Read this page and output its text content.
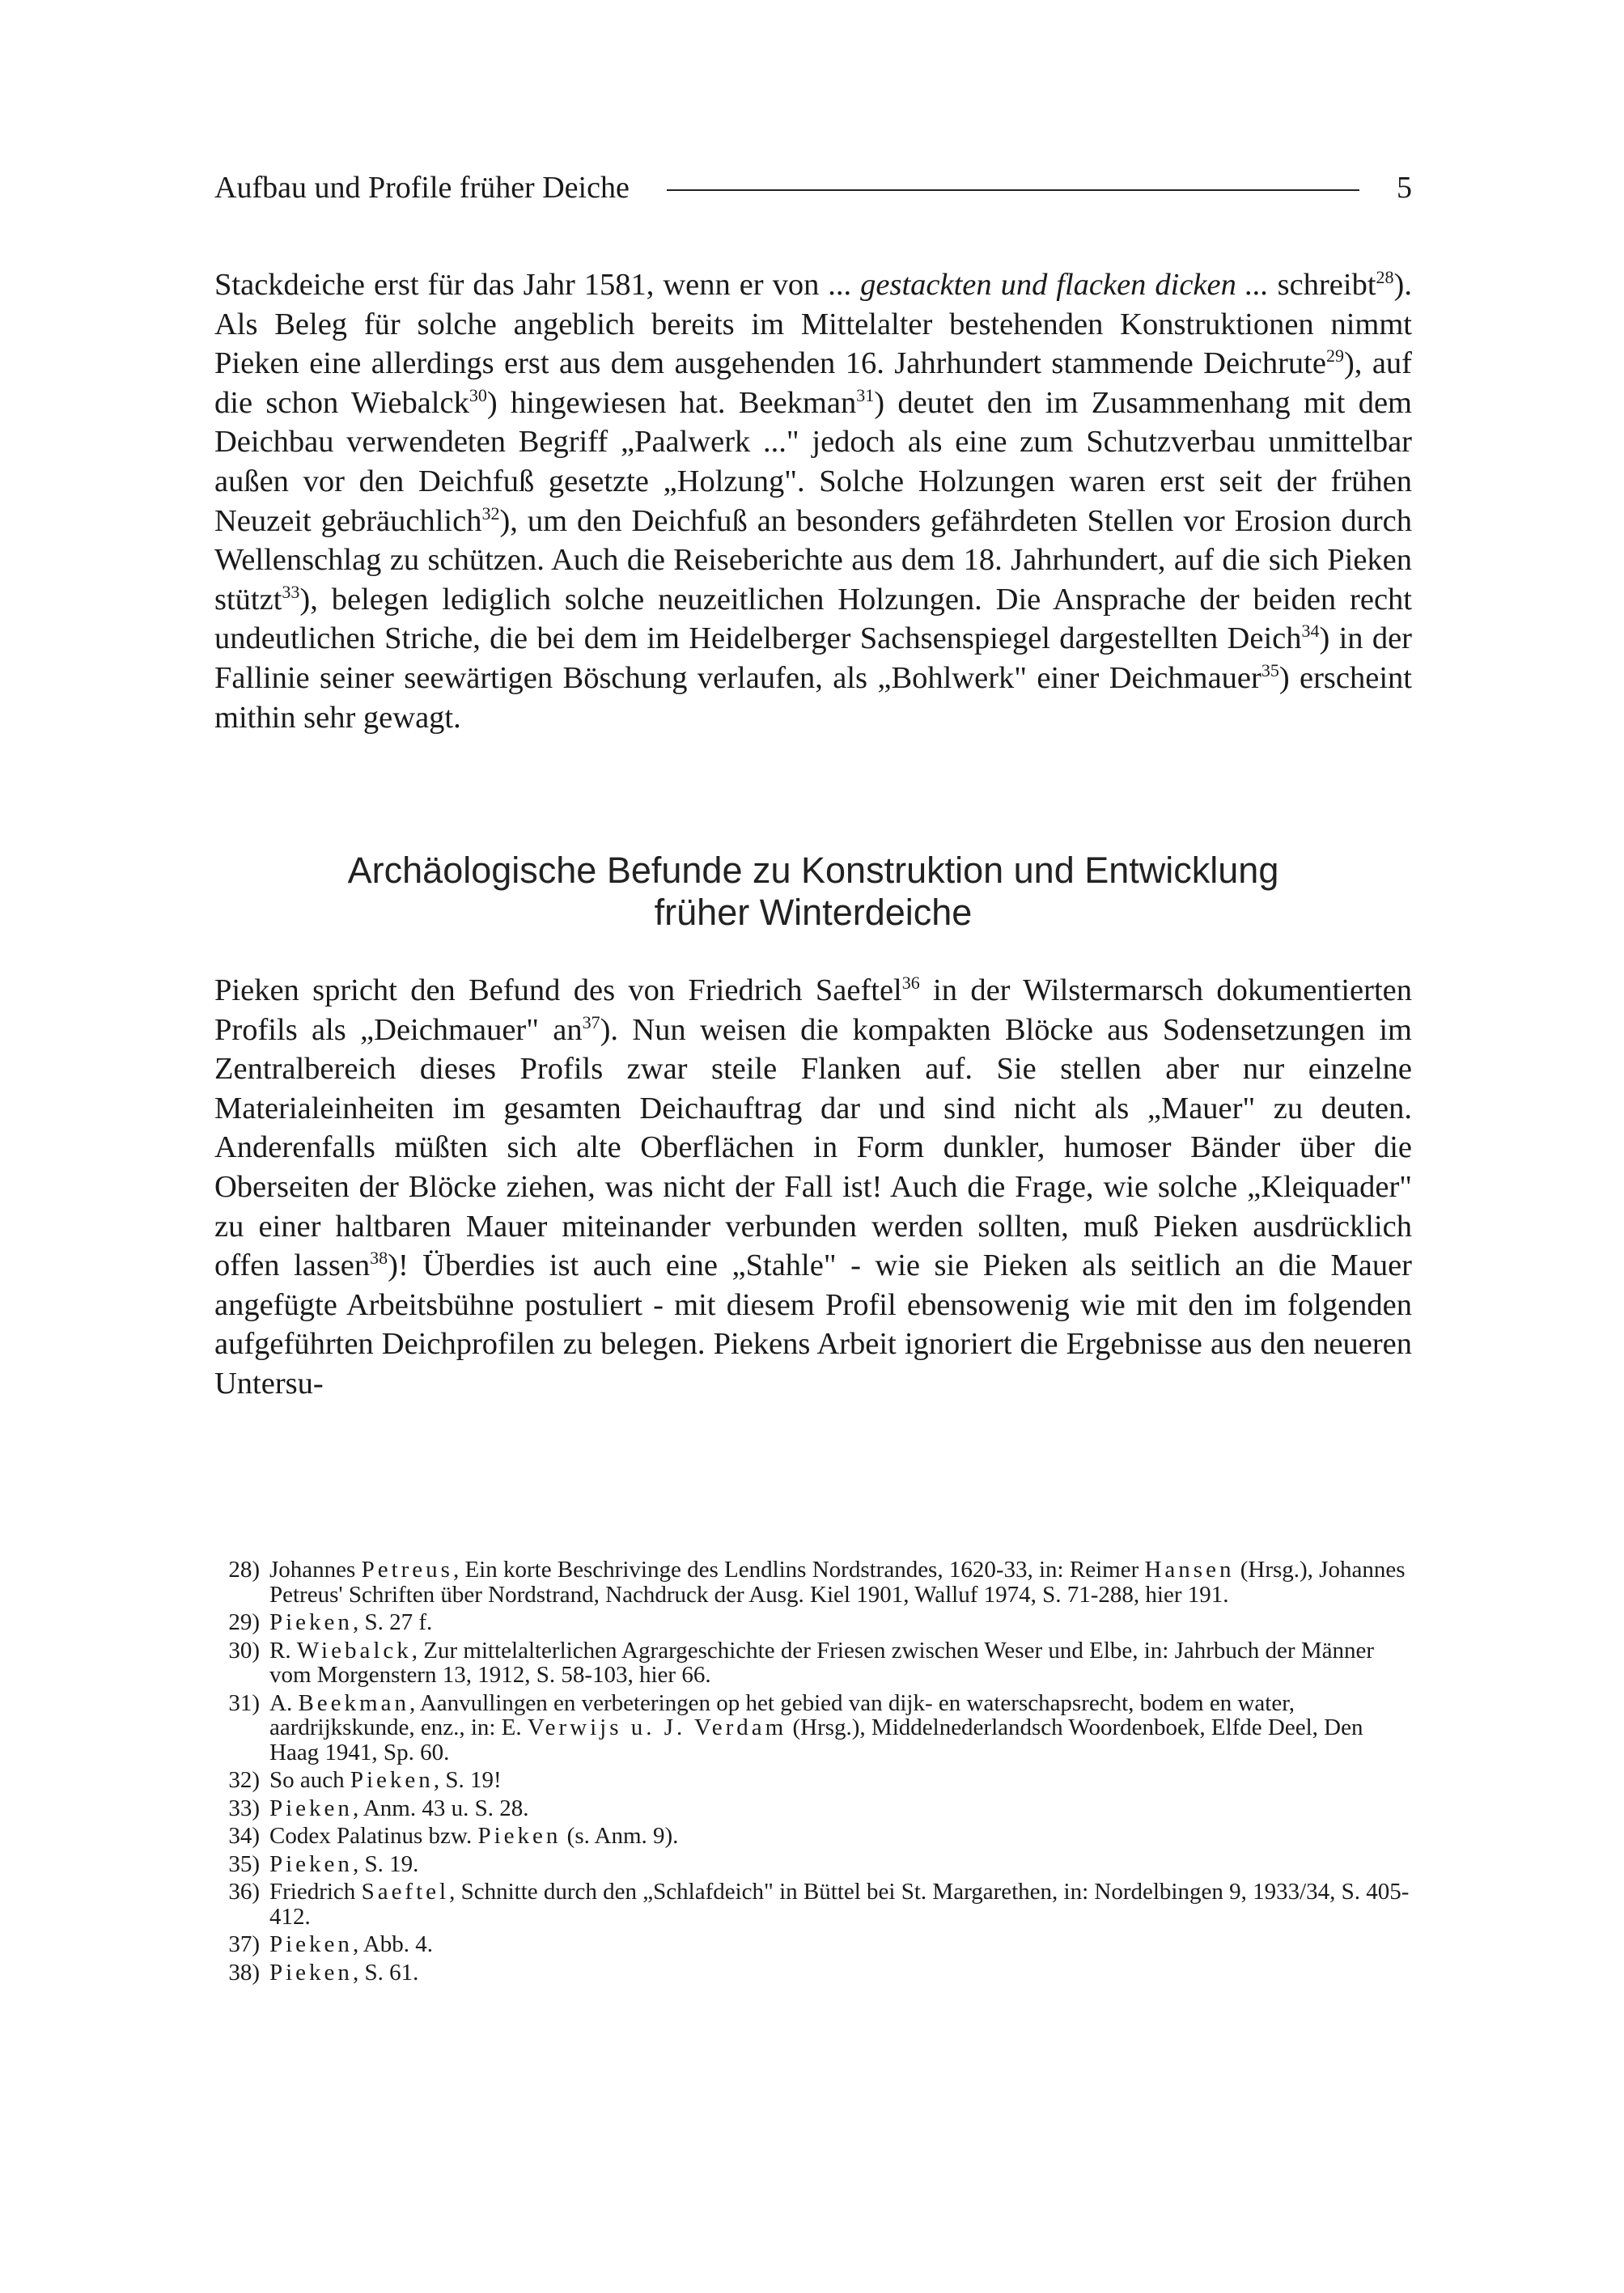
Aufbau und Profile früher Deiche	5

Stackdeiche erst für das Jahr 1581, wenn er von ... gestackten und flacken dicken ... schreibt$^{28}$). Als Beleg für solche angeblich bereits im Mittelalter bestehenden Konstruktionen nimmt Pieken eine allerdings erst aus dem ausgehenden 16. Jahrhundert stammende Deichrute$^{29}$), auf die schon Wiebalck$^{30}$) hingewiesen hat. Beekman$^{31}$) deutet den im Zusammenhang mit dem Deichbau verwendeten Begriff „Paalwerk ..." jedoch als eine zum Schutzverbau unmittelbar außen vor den Deichfuß gesetzte „Holzung". Solche Holzungen waren erst seit der frühen Neuzeit gebräuchlich$^{32}$), um den Deichfuß an besonders gefährdeten Stellen vor Erosion durch Wellenschlag zu schützen. Auch die Reiseberichte aus dem 18. Jahrhundert, auf die sich Pieken stützt$^{33}$), belegen lediglich solche neuzeitlichen Holzungen. Die Ansprache der beiden recht undeutlichen Striche, die bei dem im Heidelberger Sachsenspiegel dargestellten Deich$^{34}$) in der Fallinie seiner seewärtigen Böschung verlaufen, als „Bohlwerk" einer Deichmauer$^{35}$) erscheint mithin sehr gewagt.

Archäologische Befunde zu Konstruktion und Entwicklung
früher Winterdeiche

Pieken spricht den Befund des von Friedrich Saeftel$^{36}$ in der Wilstermarsch dokumentierten Profils als „Deichmauer" $an^{37}$). Nun weisen die kompakten Blöcke aus Sodensetzungen im Zentralbereich dieses Profils zwar steile Flanken auf. Sie stellen aber nur einzelne Materialeinheiten im gesamten Deichauftrag dar und sind nicht als „Mauer" zu deuten. Anderenfalls müßten sich alte Oberflächen in Form dunkler, humoser Bänder über die Oberseiten der Blöcke ziehen, was nicht der Fall ist! Auch die Frage, wie solche „Kleiquader" zu einer haltbaren Mauer miteinander verbunden werden sollten, muß Pieken ausdrücklich offen lassen$^{38}$)! Überdies ist auch eine „Stahle" - wie sie Pieken als seitlich an die Mauer angefügte Arbeitsbühne postuliert - mit diesem Profil ebensowenig wie mit den im folgenden aufgeführten Deichprofilen zu belegen. Piekens Arbeit ignoriert die Ergebnisse aus den neueren Untersu-

28) Johannes Petreus, Ein korte Beschrivinge des Lendlins Nordstrandes, 1620-33, in: Reimer Hansen (Hrsg.), Johannes Petreus' Schriften über Nordstrand, Nachdruck der Ausg. Kiel 1901, Walluf 1974, S. 71-288, hier 191.
29) Pieken, S. 27 f.
30) R. Wiebalck, Zur mittelalterlichen Agrargeschichte der Friesen zwischen Weser und Elbe, in: Jahrbuch der Männer vom Morgenstern 13, 1912, S. 58-103, hier 66.
31) A. Beekman, Aanvullingen en verbeteringen op het gebied van dijk- en waterschapsrecht, bodem en water, aardrijkskunde, enz., in: E. Verwijs u. J. Verdam (Hrsg.), Middelnederlandsch Woordenboek, Elfde Deel, Den Haag 1941, Sp. 60.
32) So auch Pieken, S. 19!
33) Pieken, Anm. 43 u. S. 28.
34) Codex Palatinus bzw. Pieken (s. Anm. 9).
35) Pieken, S. 19.
36) Friedrich Saeftel, Schnitte durch den „Schlafdeich" in Büttel bei St. Margarethen, in: Nordelbingen 9, 1933/34, S. 405-412.
37) Pieken, Abb. 4.
38) Pieken, S. 61.
